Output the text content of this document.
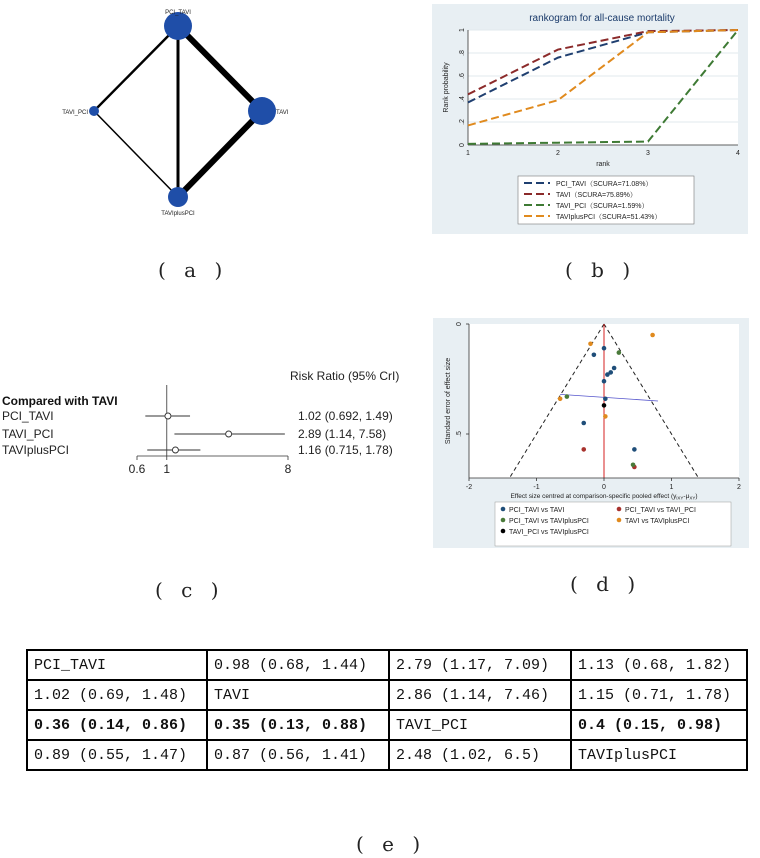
PCI_TAVI
TAVI
TAVI_PCI
TAVIplusPCI
rankogram for all-cause mortality
0
.2
.4
.6
.8
1
1	2	3	4
rank
Rank probability
PCI_TAVI（SCURA=71.08%）
TAVI（SCURA=75.89%）
TAVI_PCI（SCURA=1.59%）
TAVIplusPCI（SCURA=51.43%）
Risk Ratio (95% CrI)
Compared with TAVI
PCI_TAVI	1.02 (0.692, 1.49)
TAVI_PCI	2.89 (1.14, 7.58)
TAVIplusPCI	1.16 (0.715, 1.78)
0.6 1	8
-2	-1	0	1	2
0
.5
Standard error of effect size
Effect size centred at comparison-specific pooled effect $(y_{iXY}-\mu_{XY})$
PCI_TAVI vs TAVI	PCI_TAVI vs TAVI_PCI
PCI_TAVI vs TAVIplusPCI	TAVI vs TAVIplusPCI
TAVI_PCI vs TAVIplusPCI
( a )	( b )
( c )	( d )
( e )
PCI_TAVI	0.98 (0.68, 1.44)	2.79 (1.17, 7.09)	1.13 (0.68, 1.82)
1.02 (0.69, 1.48)	TAVI	2.86 (1.14, 7.46)	1.15 (0.71, 1.78)
0.36 (0.14, 0.86)	0.35 (0.13, 0.88)	TAVI_PCI	0.4 (0.15, 0.98)
0.89 (0.55, 1.47)	0.87 (0.56, 1.41)	2.48 (1.02, 6.5)	TAVIplusPCI
